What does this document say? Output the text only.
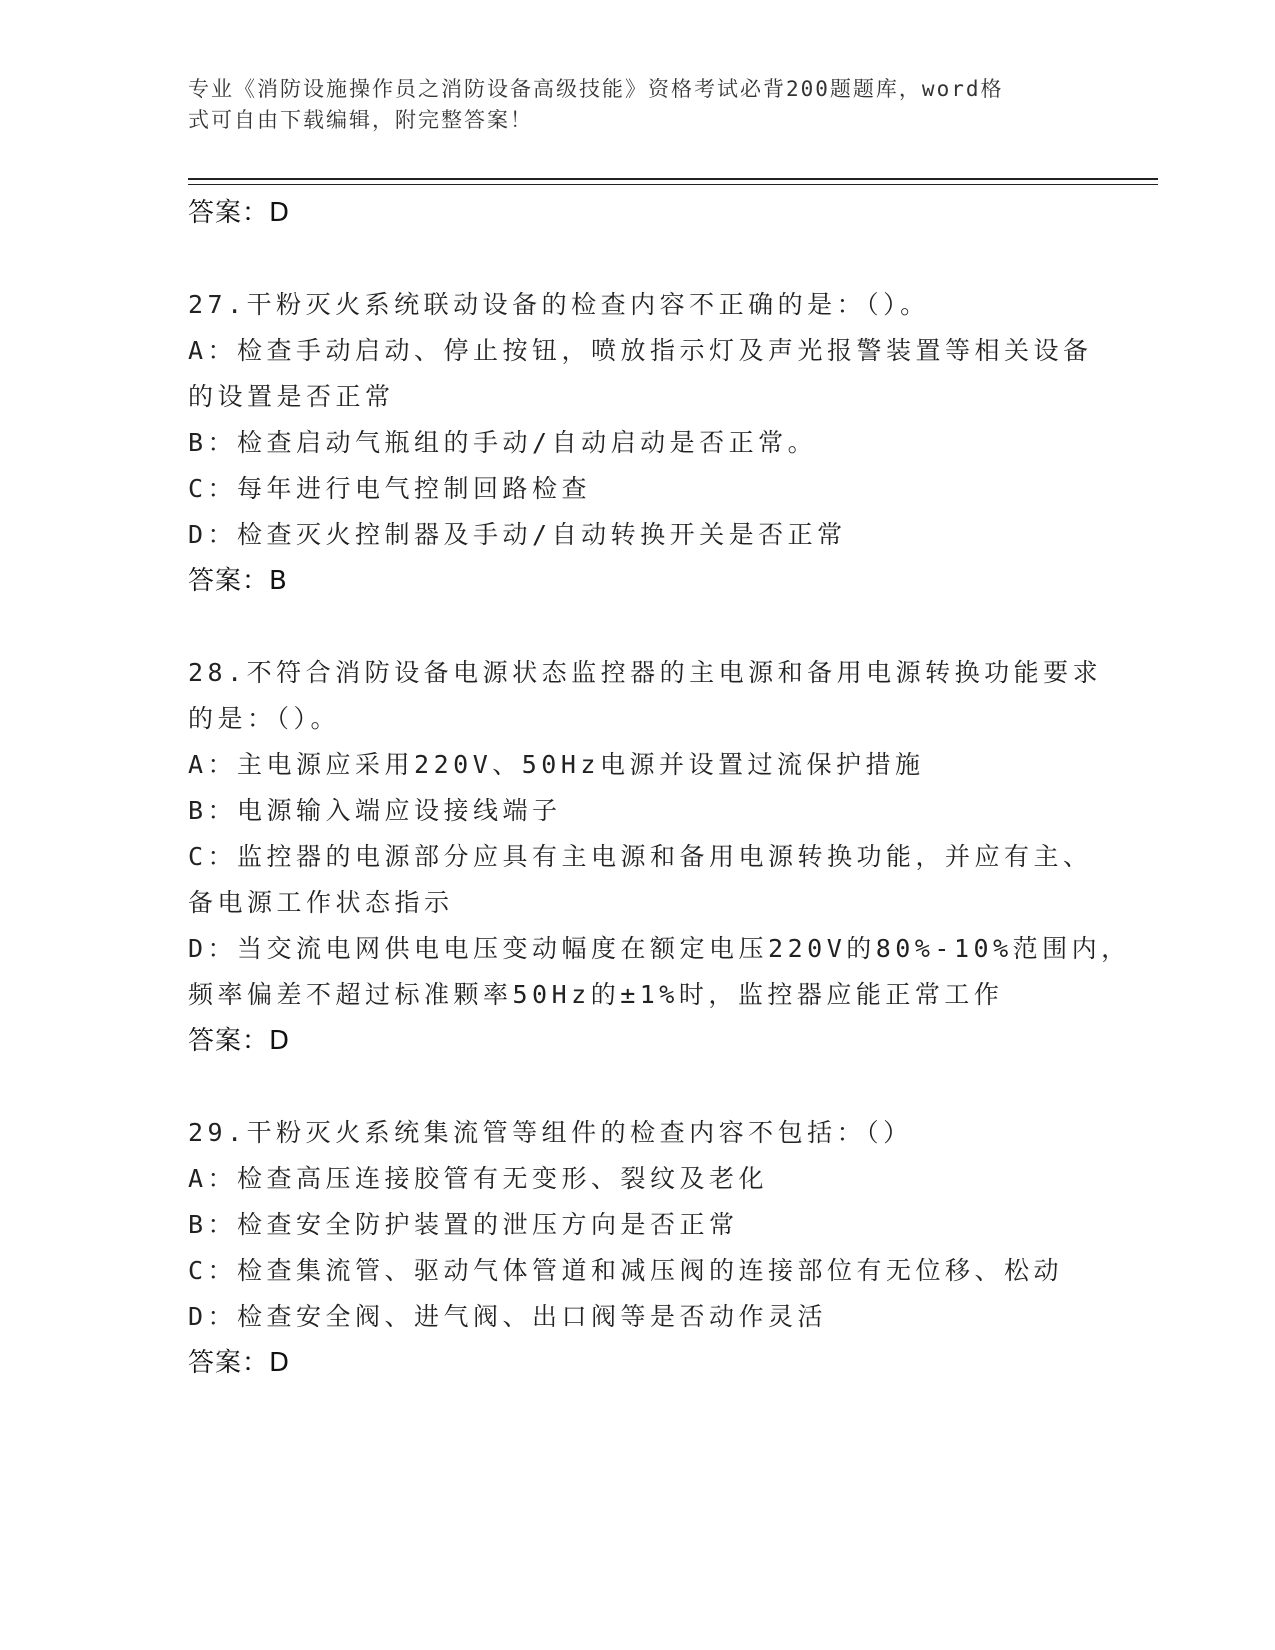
专业《消防设施操作员之消防设备高级技能》资格考试必背200题题库，word格
式可自由下载编辑，附完整答案！
答案：D
27.干粉灭火系统联动设备的检查内容不正确的是：（）。
A：检查手动启动、停止按钮，喷放指示灯及声光报警装置等相关设备
的设置是否正常
B：检查启动气瓶组的手动/自动启动是否正常。
C：每年进行电气控制回路检查
D：检查灭火控制器及手动/自动转换开关是否正常
答案：B
28.不符合消防设备电源状态监控器的主电源和备用电源转换功能要求
的是：（）。
A：主电源应采用220V、50Hz电源并设置过流保护措施
B：电源输入端应设接线端子
C：监控器的电源部分应具有主电源和备用电源转换功能，并应有主、
备电源工作状态指示
D：当交流电网供电电压变动幅度在额定电压220V的80%-10%范围内，
频率偏差不超过标准颗率50Hz的±1%时，监控器应能正常工作
答案：D
29.干粉灭火系统集流管等组件的检查内容不包括：（）
A：检查高压连接胶管有无变形、裂纹及老化
B：检查安全防护装置的泄压方向是否正常
C：检查集流管、驱动气体管道和减压阀的连接部位有无位移、松动
D：检查安全阀、进气阀、出口阀等是否动作灵活
答案：D
